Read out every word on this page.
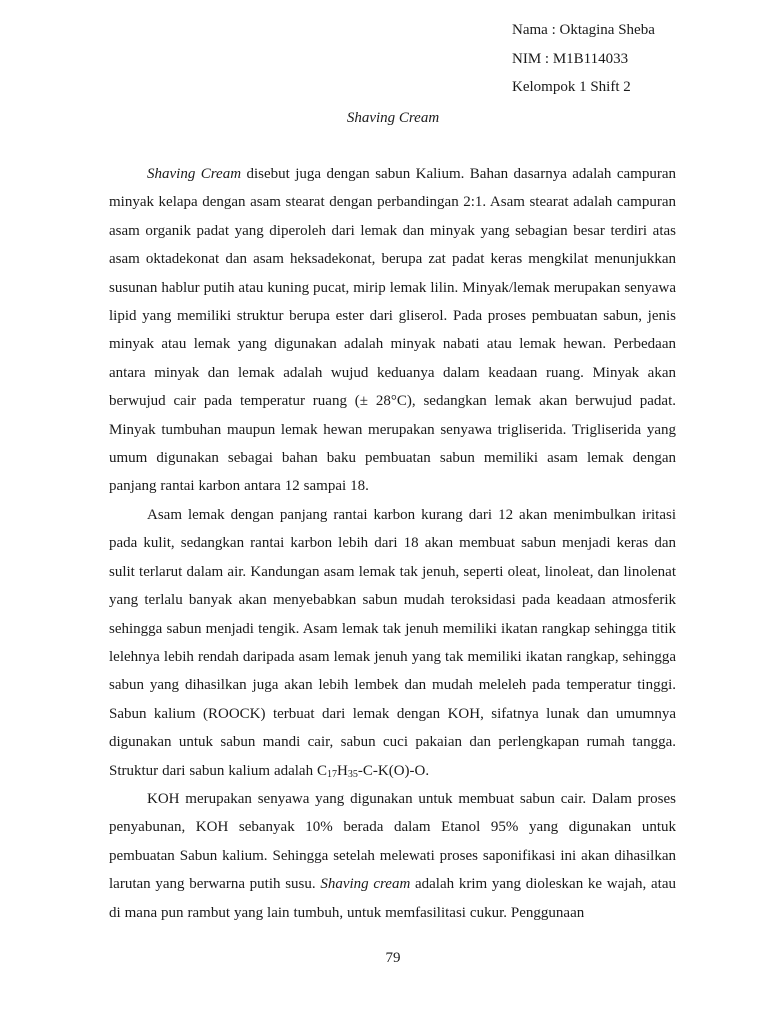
Nama : Oktagina Sheba
NIM : M1B114033
Kelompok 1 Shift 2
Shaving Cream

Shaving Cream disebut juga dengan sabun Kalium. Bahan dasarnya adalah campuran minyak kelapa dengan asam stearat dengan perbandingan 2:1. Asam stearat adalah campuran asam organik padat yang diperoleh dari lemak dan minyak yang sebagian besar terdiri atas asam oktadekonat dan asam heksadekonat, berupa zat padat keras mengkilat menunjukkan susunan hablur putih atau kuning pucat, mirip lemak lilin. Minyak/lemak merupakan senyawa lipid yang memiliki struktur berupa ester dari gliserol. Pada proses pembuatan sabun, jenis minyak atau lemak yang digunakan adalah minyak nabati atau lemak hewan. Perbedaan antara minyak dan lemak adalah wujud keduanya dalam keadaan ruang. Minyak akan berwujud cair pada temperatur ruang (± 28°C), sedangkan lemak akan berwujud padat. Minyak tumbuhan maupun lemak hewan merupakan senyawa trigliserida. Trigliserida yang umum digunakan sebagai bahan baku pembuatan sabun memiliki asam lemak dengan panjang rantai karbon antara 12 sampai 18.

Asam lemak dengan panjang rantai karbon kurang dari 12 akan menimbulkan iritasi pada kulit, sedangkan rantai karbon lebih dari 18 akan membuat sabun menjadi keras dan sulit terlarut dalam air. Kandungan asam lemak tak jenuh, seperti oleat, linoleat, dan linolenat yang terlalu banyak akan menyebabkan sabun mudah teroksidasi pada keadaan atmosferik sehingga sabun menjadi tengik. Asam lemak tak jenuh memiliki ikatan rangkap sehingga titik lelehnya lebih rendah daripada asam lemak jenuh yang tak memiliki ikatan rangkap, sehingga sabun yang dihasilkan juga akan lebih lembek dan mudah meleleh pada temperatur tinggi. Sabun kalium (ROOCK) terbuat dari lemak dengan KOH, sifatnya lunak dan umumnya digunakan untuk sabun mandi cair, sabun cuci pakaian dan perlengkapan rumah tangga. Struktur dari sabun kalium adalah $C_{17}H_{35}-C-K(O)-O$.

KOH merupakan senyawa yang digunakan untuk membuat sabun cair. Dalam proses penyabunan, KOH sebanyak 10% berada dalam Etanol 95% yang digunakan untuk pembuatan Sabun kalium. Sehingga setelah melewati proses saponifikasi ini akan dihasilkan larutan yang berwarna putih susu. Shaving cream adalah krim yang dioleskan ke wajah, atau di mana pun rambut yang lain tumbuh, untuk memfasilitasi cukur. Penggunaan

79
